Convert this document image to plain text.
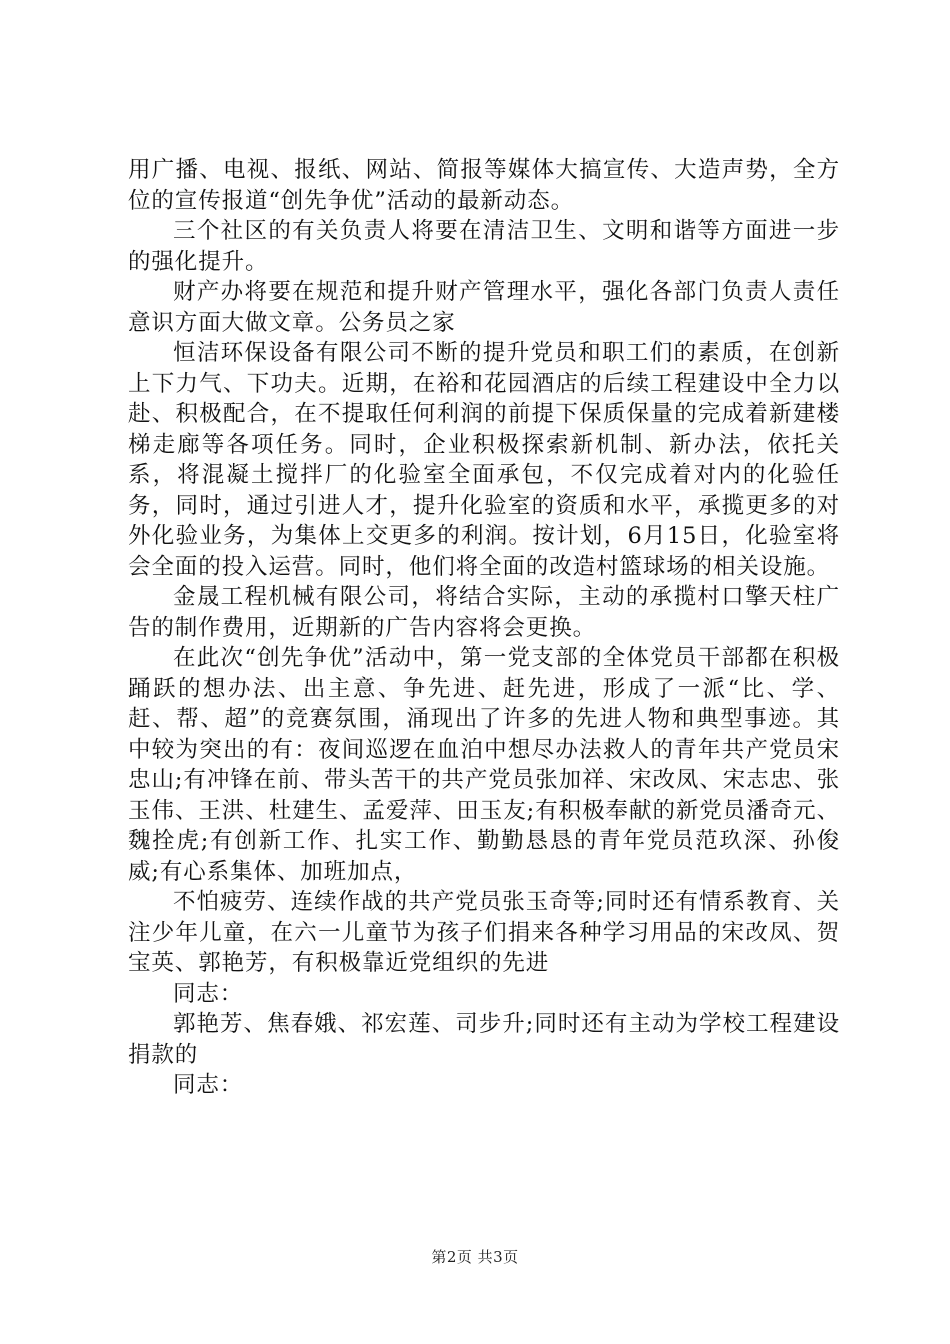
用广播、电视、报纸、网站、简报等媒体大搞宣传、大造声势，全方位的宣传报道“创先争优”活动的最新动态。

三个社区的有关负责人将要在清洁卫生、文明和谐等方面进一步的强化提升。

财产办将要在规范和提升财产管理水平，强化各部门负责人责任意识方面大做文章。公务员之家

恒洁环保设备有限公司不断的提升党员和职工们的素质，在创新上下力气、下功夫。近期，在裕和花园酒店的后续工程建设中全力以赴、积极配合，在不提取任何利润的前提下保质保量的完成着新建楼梯走廊等各项任务。同时，企业积极探索新机制、新办法，依托关系，将混凝土搅拌厂的化验室全面承包，不仅完成着对内的化验任务，同时，通过引进人才，提升化验室的资质和水平，承揽更多的对外化验业务，为集体上交更多的利润。按计划，6月15日，化验室将会全面的投入运营。同时，他们将全面的改造村篮球场的相关设施。

金晟工程机械有限公司，将结合实际，主动的承揽村口擎天柱广告的制作费用，近期新的广告内容将会更换。

在此次“创先争优”活动中，第一党支部的全体党员干部都在积极踊跃的想办法、出主意、争先进、赶先进，形成了一派“比、学、赶、帮、超”的竞赛氛围，涌现出了许多的先进人物和典型事迹。其中较为突出的有：夜间巡逻在血泊中想尽办法救人的青年共产党员宋忠山;有冲锋在前、带头苦干的共产党员张加祥、宋改凤、宋志忠、张玉伟、王洪、杜建生、孟爱萍、田玉友;有积极奉献的新党员潘奇元、魏拴虎;有创新工作、扎实工作、勤勤恳恳的青年党员范玖深、孙俊威;有心系集体、加班加点，

不怕疲劳、连续作战的共产党员张玉奇等;同时还有情系教育、关注少年儿童，在六一儿童节为孩子们捐来各种学习用品的宋改凤、贺宝英、郭艳芳，有积极靠近党组织的先进

同志：

郭艳芳、焦春娥、祁宏莲、司步升;同时还有主动为学校工程建设捐款的

同志：

第2页 共3页
